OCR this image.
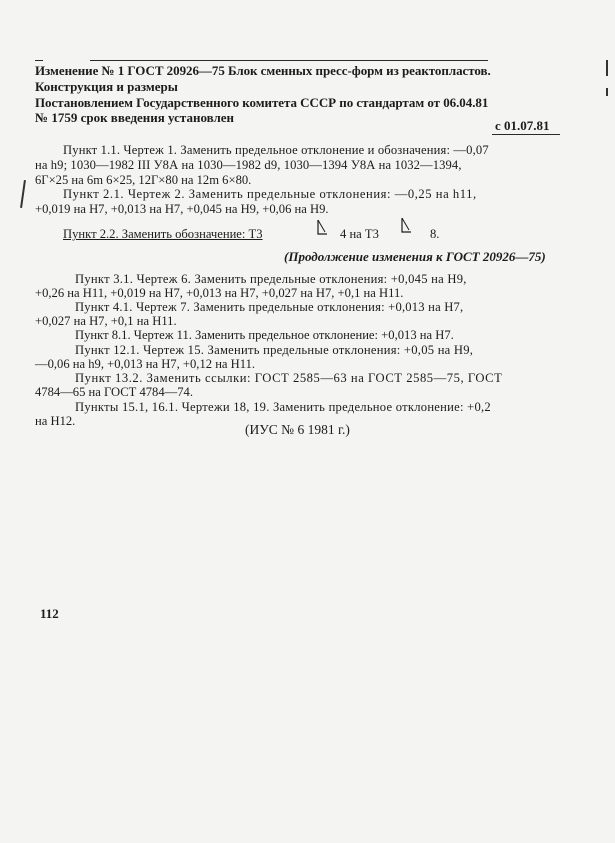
Изменение № 1 ГОСТ 20926—75 Блок сменных пресс-форм из реактопластов.
Конструкция и размеры
Постановлением Государственного комитета СССР по стандартам от 06.04.81
№ 1759 срок введения установлен
с 01.07.81
Пункт 1.1. Чертеж 1. Заменить предельное отклонение и обозначения: —0,07
на h9; 1030—1982 III У8А на 1030—1982 d9, 1030—1394 У8А на 1032—1394,
6Г×25 на 6m 6×25, 12Г×80 на 12m 6×80.
Пункт 2.1. Чертеж 2. Заменить предельные отклонения: —0,25 на h11,
+0,019 на H7, +0,013 на H7, +0,045 на H9, +0,06 на H9.
Пункт 2.2. Заменить обозначение: Т3	4 на Т3	8.
(Продолжение изменения к ГОСТ 20926—75)
Пункт 3.1. Чертеж 6. Заменить предельные отклонения: +0,045 на H9,
+0,26 на H11, +0,019 на H7, +0,013 на H7, +0,027 на H7, +0,1 на H11.
Пункт 4.1. Чертеж 7. Заменить предельные отклонения: +0,013 на H7,
+0,027 на H7, +0,1 на H11.
Пункт 8.1. Чертеж 11. Заменить предельное отклонение: +0,013 на H7.
Пункт 12.1. Чертеж 15. Заменить предельные отклонения: +0,05 на H9,
—0,06 на h9, +0,013 на H7, +0,12 на H11.
Пункт 13.2. Заменить ссылки: ГОСТ 2585—63 на ГОСТ 2585—75, ГОСТ
4784—65 на ГОСТ 4784—74.
Пункты 15.1, 16.1. Чертежи 18, 19. Заменить предельное отклонение: +0,2
на H12.
(ИУС № 6 1981 г.)
112
